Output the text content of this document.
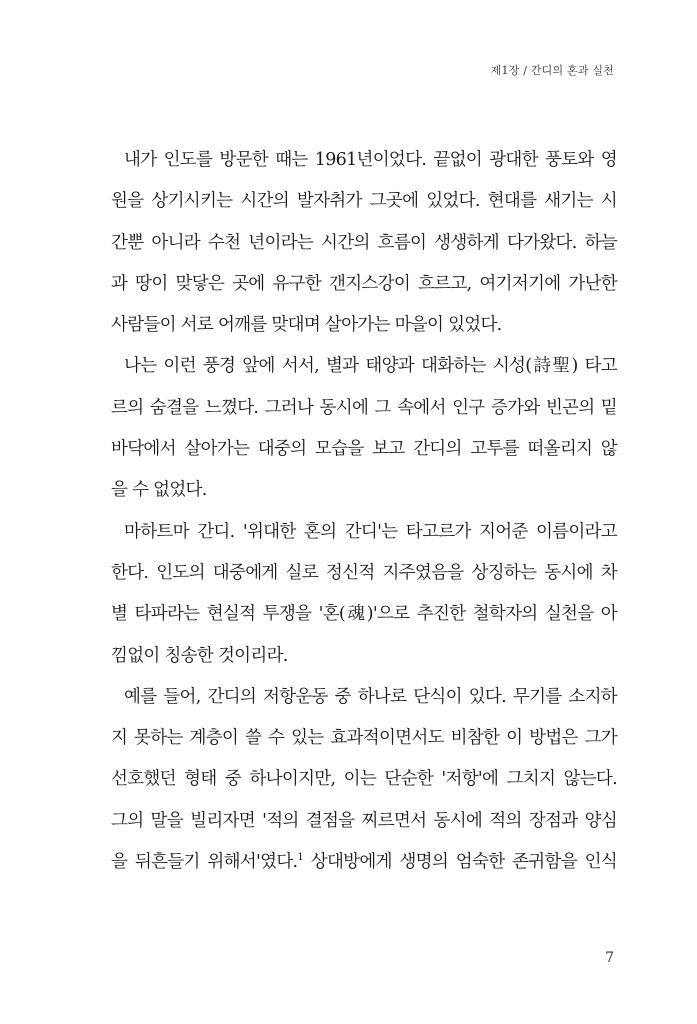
제1장 / 간디의 혼과 실천
내가 인도를 방문한 때는 1961년이었다. 끝없이 광대한 풍토와 영
원을 상기시키는 시간의 발자취가 그곳에 있었다. 현대를 새기는 시
간뿐 아니라 수천 년이라는 시간의 흐름이 생생하게 다가왔다. 하늘
과 땅이 맞닿은 곳에 유구한 갠지스강이 흐르고, 여기저기에 가난한
사람들이 서로 어깨를 맞대며 살아가는 마을이 있었다.
나는 이런 풍경 앞에 서서, 별과 태양과 대화하는 시성(詩聖) 타고
르의 숨결을 느꼈다. 그러나 동시에 그 속에서 인구 증가와 빈곤의 밑
바닥에서 살아가는 대중의 모습을 보고 간디의 고투를 떠올리지 않
을 수 없었다.
마하트마 간디. '위대한 혼의 간디'는 타고르가 지어준 이름이라고
한다. 인도의 대중에게 실로 정신적 지주였음을 상징하는 동시에 차
별 타파라는 현실적 투쟁을 '혼(魂)'으로 추진한 철학자의 실천을 아
낌없이 칭송한 것이리라.
예를 들어, 간디의 저항운동 중 하나로 단식이 있다. 무기를 소지하
지 못하는 계층이 쓸 수 있는 효과적이면서도 비참한 이 방법은 그가
선호했던 형태 중 하나이지만, 이는 단순한 '저항'에 그치지 않는다.
그의 말을 빌리자면 '적의 결점을 찌르면서 동시에 적의 장점과 양심
을 뒤흔들기 위해서'였다.$^1$ 상대방에게 생명의 엄숙한 존귀함을 인식
7
